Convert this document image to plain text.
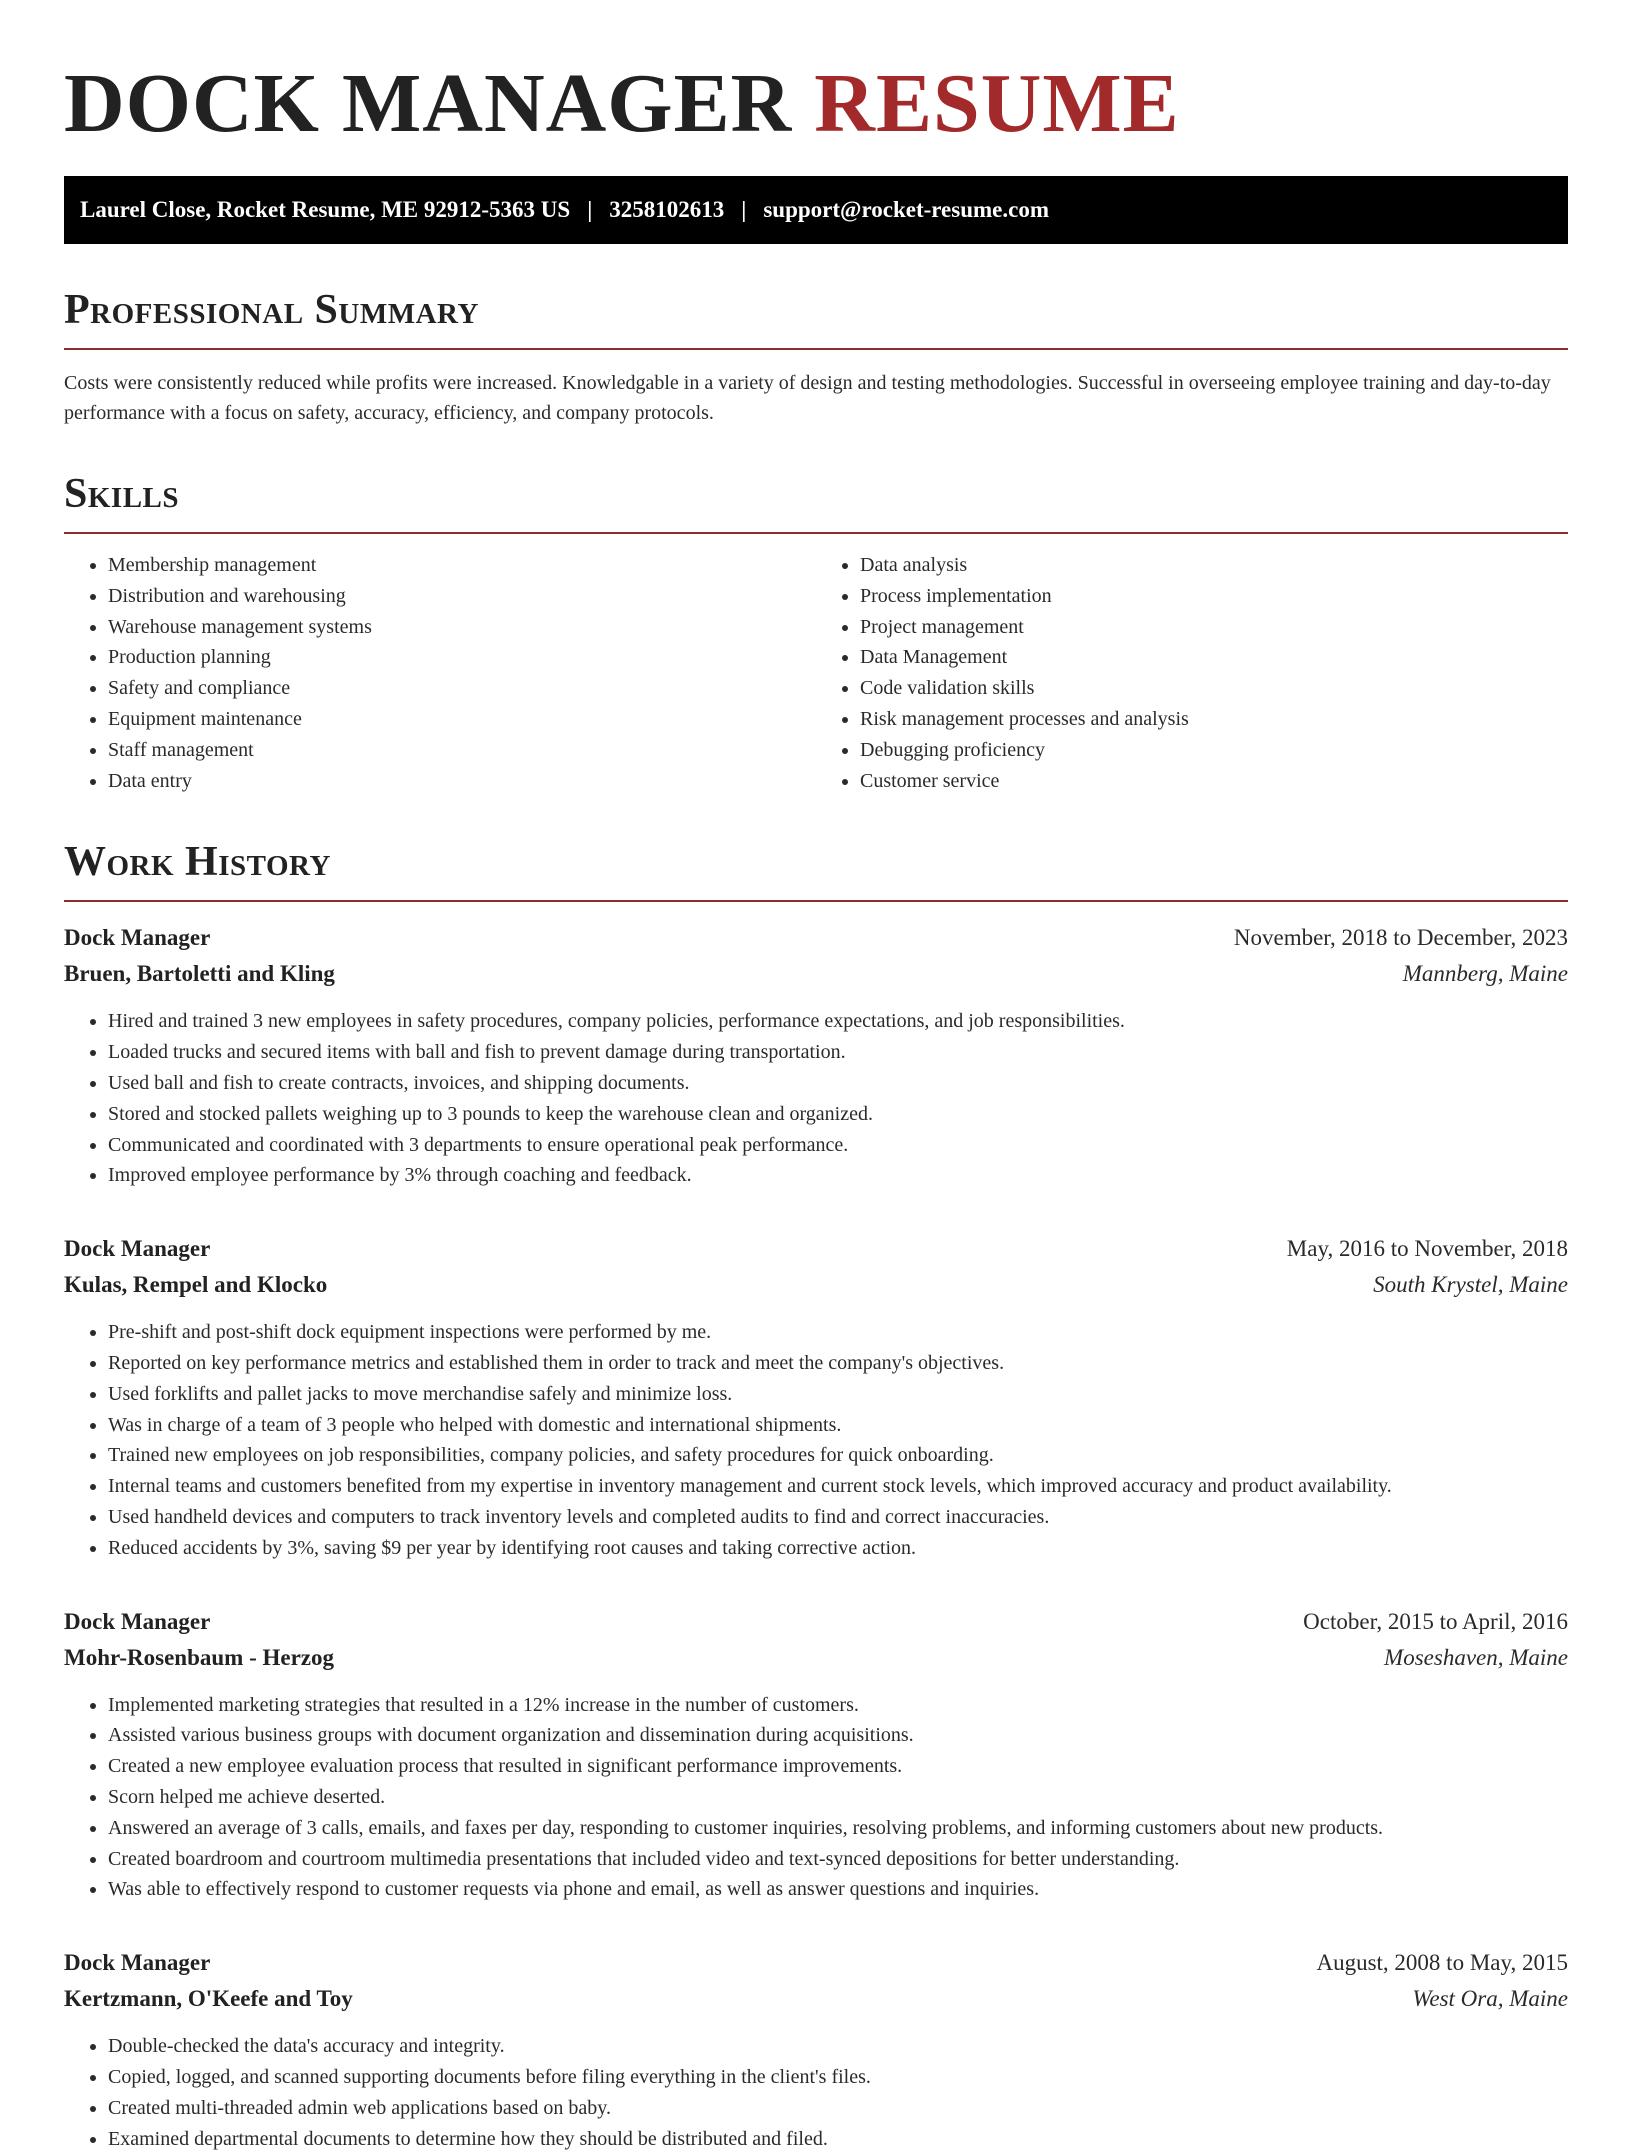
DOCK MANAGER RESUME
Laurel Close, Rocket Resume, ME 92912-5363 US | 3258102613 | support@rocket-resume.com
Professional Summary

Costs were consistently reduced while profits were increased. Knowledgable in a variety of design and testing methodologies. Successful in overseeing employee training and day-to-day performance with a focus on safety, accuracy, efficiency, and company protocols.

Skills
• Membership management
• Distribution and warehousing
• Warehouse management systems
• Production planning
• Safety and compliance
• Equipment maintenance
• Staff management
• Data entry
• Data analysis
• Process implementation
• Project management
• Data Management
• Code validation skills
• Risk management processes and analysis
• Debugging proficiency
• Customer service
Work History
Dock Manager	November, 2018 to December, 2023
Bruen, Bartoletti and Kling	Mannberg, Maine
• Hired and trained 3 new employees in safety procedures, company policies, performance expectations, and job responsibilities.
• Loaded trucks and secured items with ball and fish to prevent damage during transportation.
• Used ball and fish to create contracts, invoices, and shipping documents.
• Stored and stocked pallets weighing up to 3 pounds to keep the warehouse clean and organized.
• Communicated and coordinated with 3 departments to ensure operational peak performance.
• Improved employee performance by 3% through coaching and feedback.
Dock Manager	May, 2016 to November, 2018
Kulas, Rempel and Klocko	South Krystel, Maine
• Pre-shift and post-shift dock equipment inspections were performed by me.
• Reported on key performance metrics and established them in order to track and meet the company's objectives.
• Used forklifts and pallet jacks to move merchandise safely and minimize loss.
• Was in charge of a team of 3 people who helped with domestic and international shipments.
• Trained new employees on job responsibilities, company policies, and safety procedures for quick onboarding.
• Internal teams and customers benefited from my expertise in inventory management and current stock levels, which improved accuracy and product availability.
• Used handheld devices and computers to track inventory levels and completed audits to find and correct inaccuracies.
• Reduced accidents by 3%, saving $9 per year by identifying root causes and taking corrective action.
Dock Manager	October, 2015 to April, 2016
Mohr-Rosenbaum - Herzog	Moseshaven, Maine
• Implemented marketing strategies that resulted in a 12% increase in the number of customers.
• Assisted various business groups with document organization and dissemination during acquisitions.
• Created a new employee evaluation process that resulted in significant performance improvements.
• Scorn helped me achieve deserted.
• Answered an average of 3 calls, emails, and faxes per day, responding to customer inquiries, resolving problems, and informing customers about new products.
• Created boardroom and courtroom multimedia presentations that included video and text-synced depositions for better understanding.
• Was able to effectively respond to customer requests via phone and email, as well as answer questions and inquiries.
Dock Manager	August, 2008 to May, 2015
Kertzmann, O'Keefe and Toy	West Ora, Maine
• Double-checked the data's accuracy and integrity.
• Copied, logged, and scanned supporting documents before filing everything in the client's files.
• Created multi-threaded admin web applications based on baby.
• Examined departmental documents to determine how they should be distributed and filed.
